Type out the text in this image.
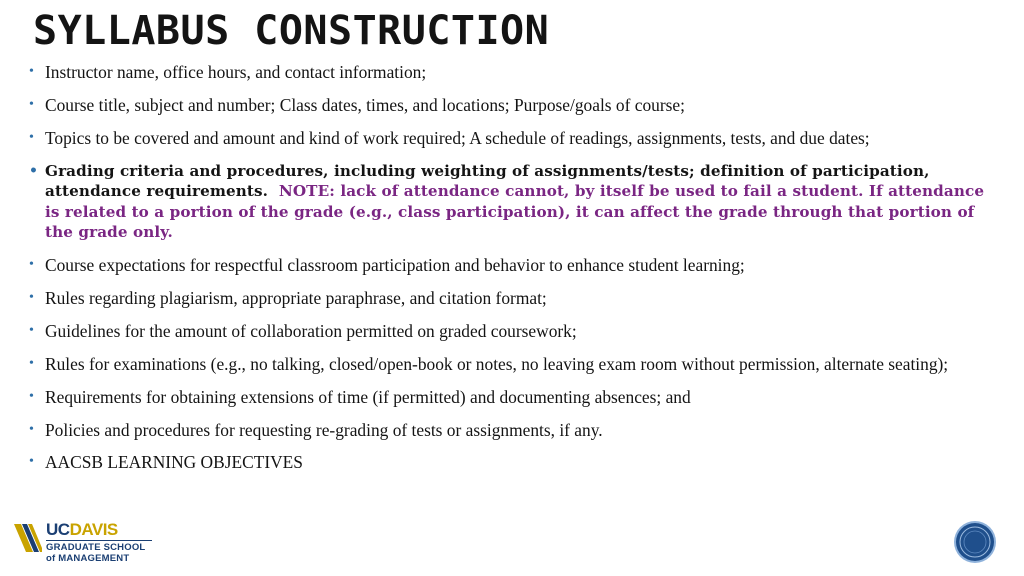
SYLLABUS CONSTRUCTION
• Instructor name, office hours, and contact information;
• Course title, subject and number; Class dates, times, and locations; Purpose/goals of course;
• Topics to be covered and amount and kind of work required; A schedule of readings, assignments, tests, and due dates;
• Grading criteria and procedures, including weighting of assignments/tests; definition of participation, attendance requirements. NOTE: lack of attendance cannot, by itself be used to fail a student. If attendance is related to a portion of the grade (e.g., class participation), it can affect the grade through that portion of the grade only.
• Course expectations for respectful classroom participation and behavior to enhance student learning;
• Rules regarding plagiarism, appropriate paraphrase, and citation format;
• Guidelines for the amount of collaboration permitted on graded coursework;
• Rules for examinations (e.g., no talking, closed/open-book or notes, no leaving exam room without permission, alternate seating);
• Requirements for obtaining extensions of time (if permitted) and documenting absences; and
• Policies and procedures for requesting re-grading of tests or assignments, if any.
• AACSB LEARNING OBJECTIVES
UCDAVIS
GRADUATE SCHOOL
of MANAGEMENT
